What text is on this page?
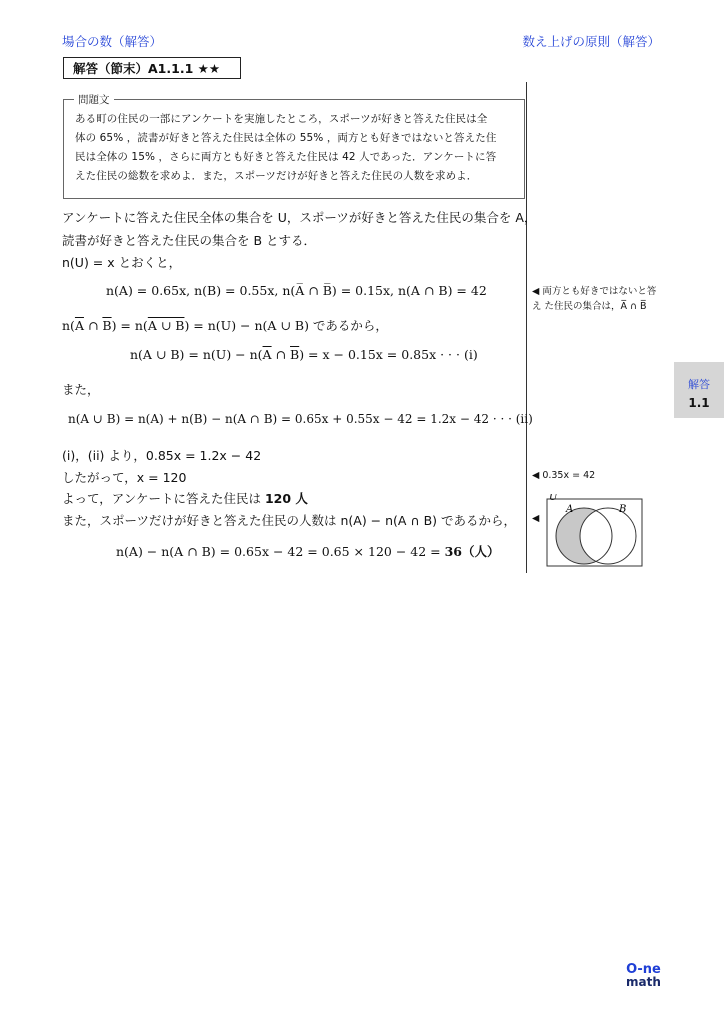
場合の数（解答）	数え上げの原則（解答）
解答（節末）A1.1.1 ★★
問題文
ある町の住民の一部にアンケートを実施したところ，スポーツが好きと答えた住民は全
体の 65% ，読書が好きと答えた住民は全体の 55% ，両方とも好きではないと答えた住
民は全体の 15% ，さらに両方とも好きと答えた住民は 42 人であった．アンケートに答
えた住民の総数を求めよ．また，スポーツだけが好きと答えた住民の人数を求めよ．
アンケートに答えた住民全体の集合を U，スポーツが好きと答えた住民の集合を A，
読書が好きと答えた住民の集合を B とする．
n(U) = x とおくと，
n(A) = 0.65x, n(B) = 0.55x, n(A̅ ∩ B̅) = 0.15x, n(A ∩ B) = 42
$n(\overline{A}$ ∩ $\overline{B}) = n(A$ ∪ B) = n(U) − n(A ∪ B) であるから，
n(A ∪ $B) = n(U) - n(\overline{A}$ ∩ $\overline{B}) = x - 0.15x = 0.85x$ · · · (i)
また，
n(A ∪ B) = n(A) + n(B) − n(A ∩ B) = 0.65x + 0.55x − 42 = 1.2x − 42 · · · (ii)
(i)，(ii) より，0.85x = 1.2x − 42
したがって，x = 120
よって，アンケートに答えた住民は 120 人
また，スポーツだけが好きと答えた住民の人数は n(A) − n(A ∩ B) であるから，
n(A) − n(A ∩ B) = 0.65x − 42 = 0.65 × 120 − 42 = 36（人）
◀ 両方とも好きではないと答
え た住民の集合は，A̅ ∩ B̅
◀ 0.35x = 42
◀
U
A	B
解答
1.1
O-ne
math
